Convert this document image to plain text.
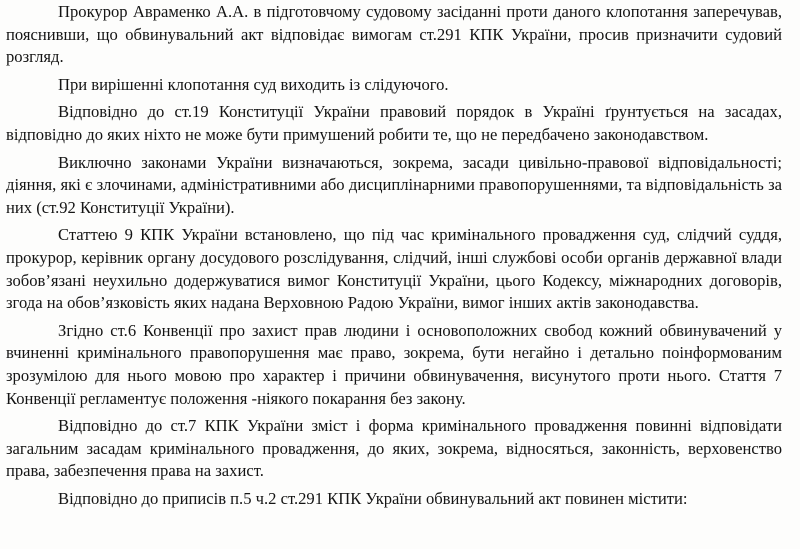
Прокурор Авраменко А.А. в підготовчому судовому засіданні проти даного клопотання заперечував, пояснивши, що обвинувальний акт відповідає вимогам ст.291 КПК України, просив призначити судовий розгляд.

При вирішенні клопотання суд виходить із слідуючого.

Відповідно до ст.19 Конституції України правовий порядок в Україні ґрунтується на засадах, відповідно до яких ніхто не може бути примушений робити те, що не передбачено законодавством.

Виключно законами України визначаються, зокрема, засади цивільно-правової відповідальності; діяння, які є злочинами, адміністративними або дисциплінарними правопорушеннями, та відповідальність за них (ст.92 Конституції України).

Статтею 9 КПК України встановлено, що під час кримінального провадження суд, слідчий суддя, прокурор, керівник органу досудового розслідування, слідчий, інші службові особи органів державної влади зобов’язані неухильно додержуватися вимог Конституції України, цього Кодексу, міжнародних договорів, згода на обов’язковість яких надана Верховною Радою України, вимог інших актів законодавства.

Згідно ст.6 Конвенції про захист прав людини і основоположних свобод кожний обвинувачений у вчиненні кримінального правопорушення має право, зокрема, бути негайно і детально поінформованим зрозумілою для нього мовою про характер і причини обвинувачення, висунутого проти нього. Стаття 7 Конвенції регламентує положення -ніякого покарання без закону.

Відповідно до ст.7 КПК України зміст і форма кримінального провадження повинні відповідати загальним засадам кримінального провадження, до яких, зокрема, відносяться, законність, верховенство права, забезпечення права на захист.

Відповідно до приписів п.5 ч.2 ст.291 КПК України обвинувальний акт повинен містити:
